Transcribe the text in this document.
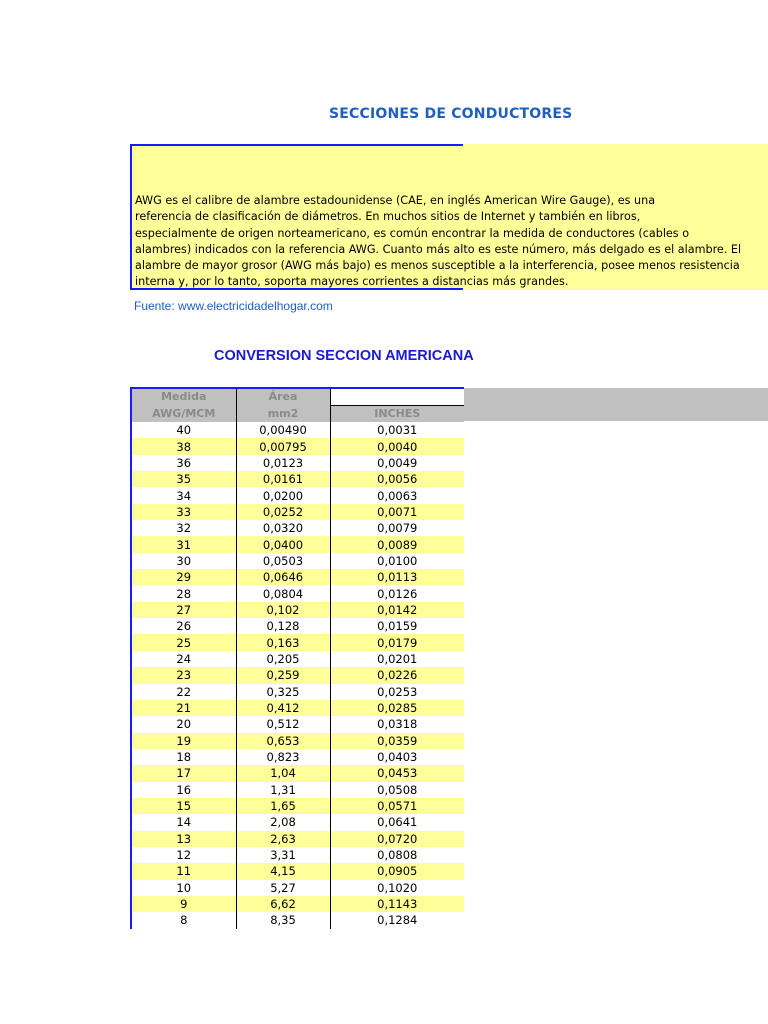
SECCIONES DE CONDUCTORES
AWG es el calibre de alambre estadounidense (CAE, en inglés American Wire Gauge), es una
referencia de clasificación de diámetros. En muchos sitios de Internet y también en libros,
especialmente de origen norteamericano, es común encontrar la medida de conductores (cables o
alambres) indicados con la referencia AWG. Cuanto más alto es este número, más delgado es el alambre. El
alambre de mayor grosor (AWG más bajo) es menos susceptible a la interferencia, posee menos resistencia
interna y, por lo tanto, soporta mayores corrientes a distancias más grandes.
Fuente: www.electricidadelhogar.com
CONVERSION SECCION AMERICANA
Medida	Área	
AWG/MCM	mm2	INCHES
40	0,00490	0,0031
38	0,00795	0,0040
36	0,0123	0,0049
35	0,0161	0,0056
34	0,0200	0,0063
33	0,0252	0,0071
32	0,0320	0,0079
31	0,0400	0,0089
30	0,0503	0,0100
29	0,0646	0,0113
28	0,0804	0,0126
27	0,102	0,0142
26	0,128	0,0159
25	0,163	0,0179
24	0,205	0,0201
23	0,259	0,0226
22	0,325	0,0253
21	0,412	0,0285
20	0,512	0,0318
19	0,653	0,0359
18	0,823	0,0403
17	1,04	0,0453
16	1,31	0,0508
15	1,65	0,0571
14	2,08	0,0641
13	2,63	0,0720
12	3,31	0,0808
11	4,15	0,0905
10	5,27	0,1020
9	6,62	0,1143
8	8,35	0,1284
